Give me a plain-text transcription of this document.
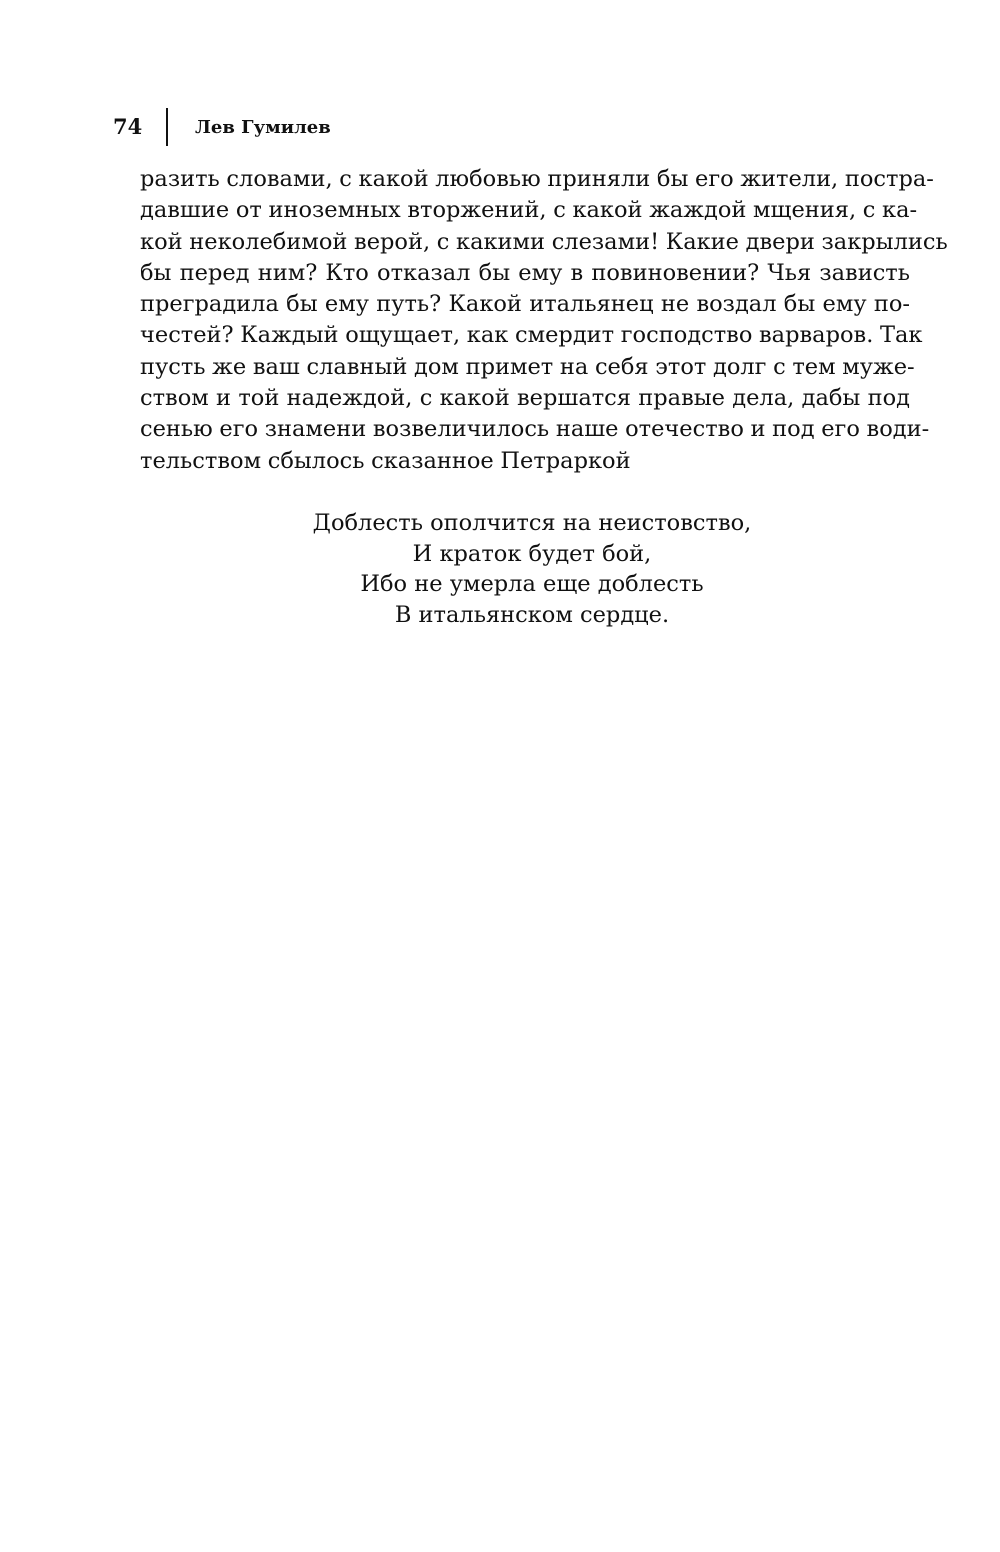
74	Лев Гумилев
разить словами, с какой любовью приняли бы его жители, постра-
давшие от иноземных вторжений, с какой жаждой мщения, с ка-
кой неколебимой верой, с какими слезами! Какие двери закрылись
бы перед ним? Кто отказал бы ему в повиновении? Чья зависть
преградила бы ему путь? Какой итальянец не воздал бы ему по-
честей? Каждый ощущает, как смердит господство варваров. Так
пусть же ваш славный дом примет на себя этот долг с тем муже-
ством и той надеждой, с какой вершатся правые дела, дабы под
сенью его знамени возвеличилось наше отечество и под его води-
тельством сбылось сказанное Петраркой
Доблесть ополчится на неистовство,
И краток будет бой,
Ибо не умерла еще доблесть
В итальянском сердце.
